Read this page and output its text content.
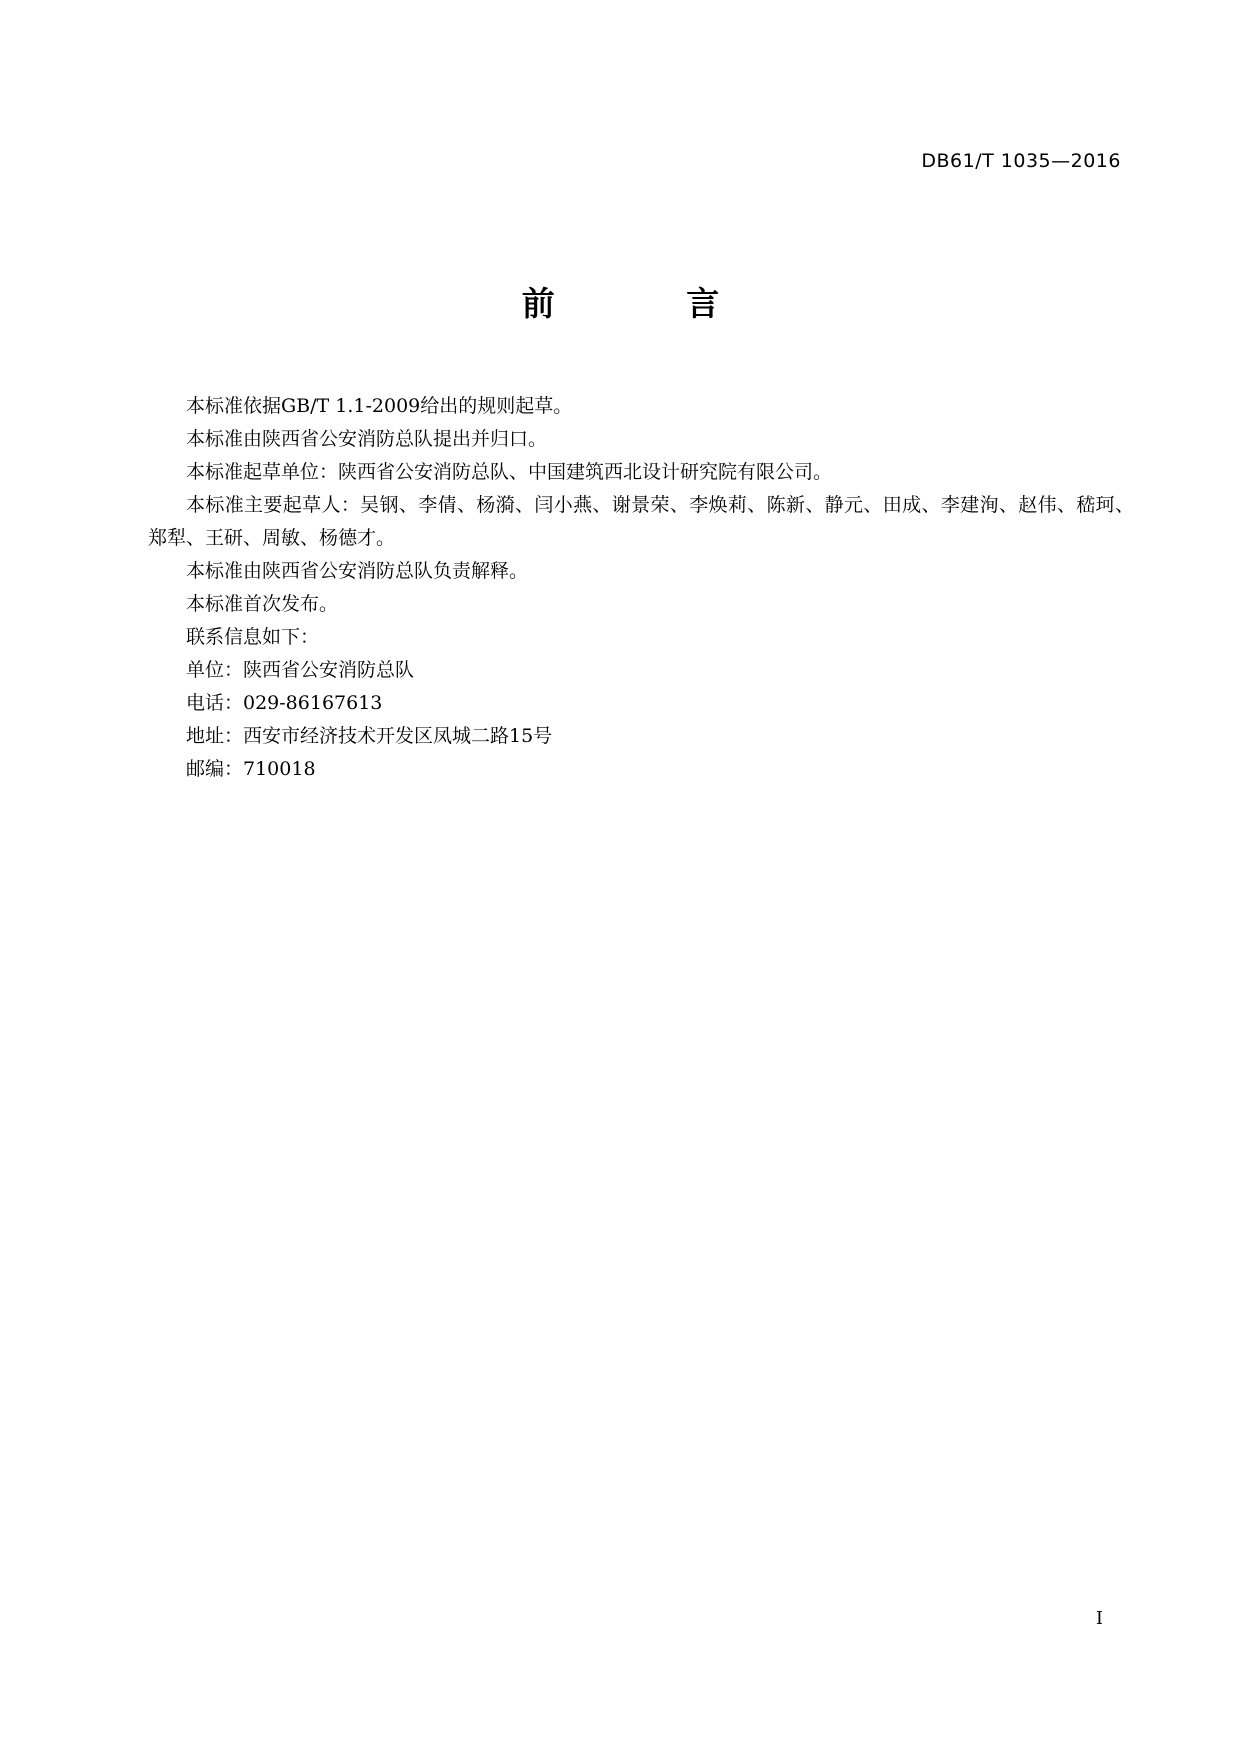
DB61/T 1035—2016
前 言

本标准依据GB/T 1.1-2009给出的规则起草。

本标准由陕西省公安消防总队提出并归口。

本标准起草单位：陕西省公安消防总队、中国建筑西北设计研究院有限公司。

本标准主要起草人：吴钢、李倩、杨漪、闫小燕、谢景荣、李焕莉、陈新、静元、田成、李建洵、赵伟、嵇珂、郑犁、王研、周敏、杨德才。

本标准由陕西省公安消防总队负责解释。

本标准首次发布。

联系信息如下：

单位：陕西省公安消防总队

电话：029-86167613

地址：西安市经济技术开发区凤城二路15号

邮编：710018

I
